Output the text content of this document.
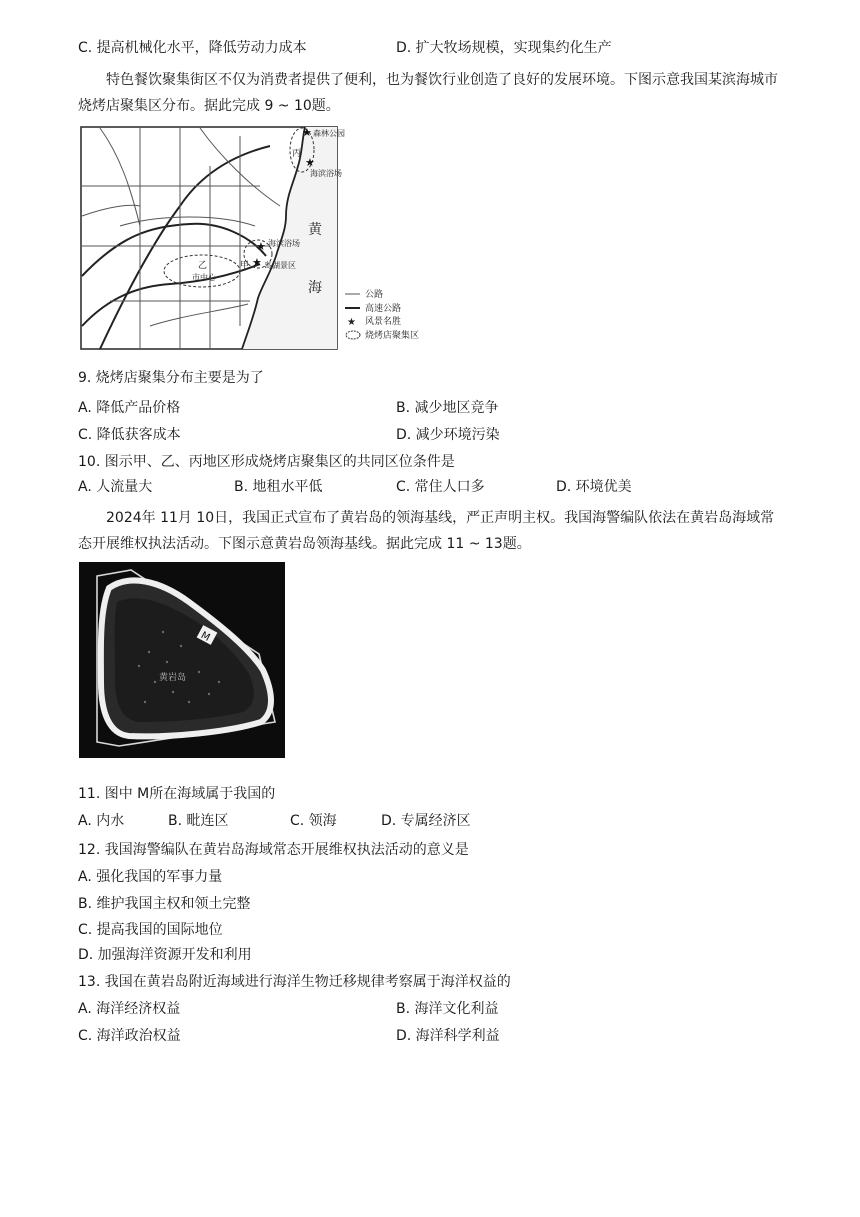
C. 提高机械化水平，降低劳动力成本	D. 扩大牧场规模，实现集约化生产
特色餐饮聚集街区不仅为消费者提供了便利，也为餐饮行业创造了良好的发展环境。下图示意我国某滨海城市烧烤店聚集区分布。据此完成 9 ~ 10题。
★
★
★
★
森林公园
海滨浴场
丙
海滨浴场
岛湖景区
甲
乙
市中心
黄
海	公路
高速公路
★ 风景名胜
烧烤店聚集区
9. 烧烤店聚集分布主要是为了
A. 降低产品价格	B. 减少地区竞争
C. 降低获客成本	D. 减少环境污染
10. 图示甲、乙、丙地区形成烧烤店聚集区的共同区位条件是
A. 人流量大	B. 地租水平低	C. 常住人口多	D. 环境优美
2024年 11月 10日，我国正式宣布了黄岩岛的领海基线，严正声明主权。我国海警编队依法在黄岩岛海域常态开展维权执法活动。下图示意黄岩岛领海基线。据此完成 11 ~ 13题。
M
黄岩岛
11. 图中 M所在海域属于我国的
A. 内水	B. 毗连区	C. 领海	D. 专属经济区
12. 我国海警编队在黄岩岛海域常态开展维权执法活动的意义是
A. 强化我国的军事力量
B. 维护我国主权和领土完整
C. 提高我国的国际地位
D. 加强海洋资源开发和利用
13. 我国在黄岩岛附近海域进行海洋生物迁移规律考察属于海洋权益的
A. 海洋经济权益	B. 海洋文化利益
C. 海洋政治权益	D. 海洋科学利益
